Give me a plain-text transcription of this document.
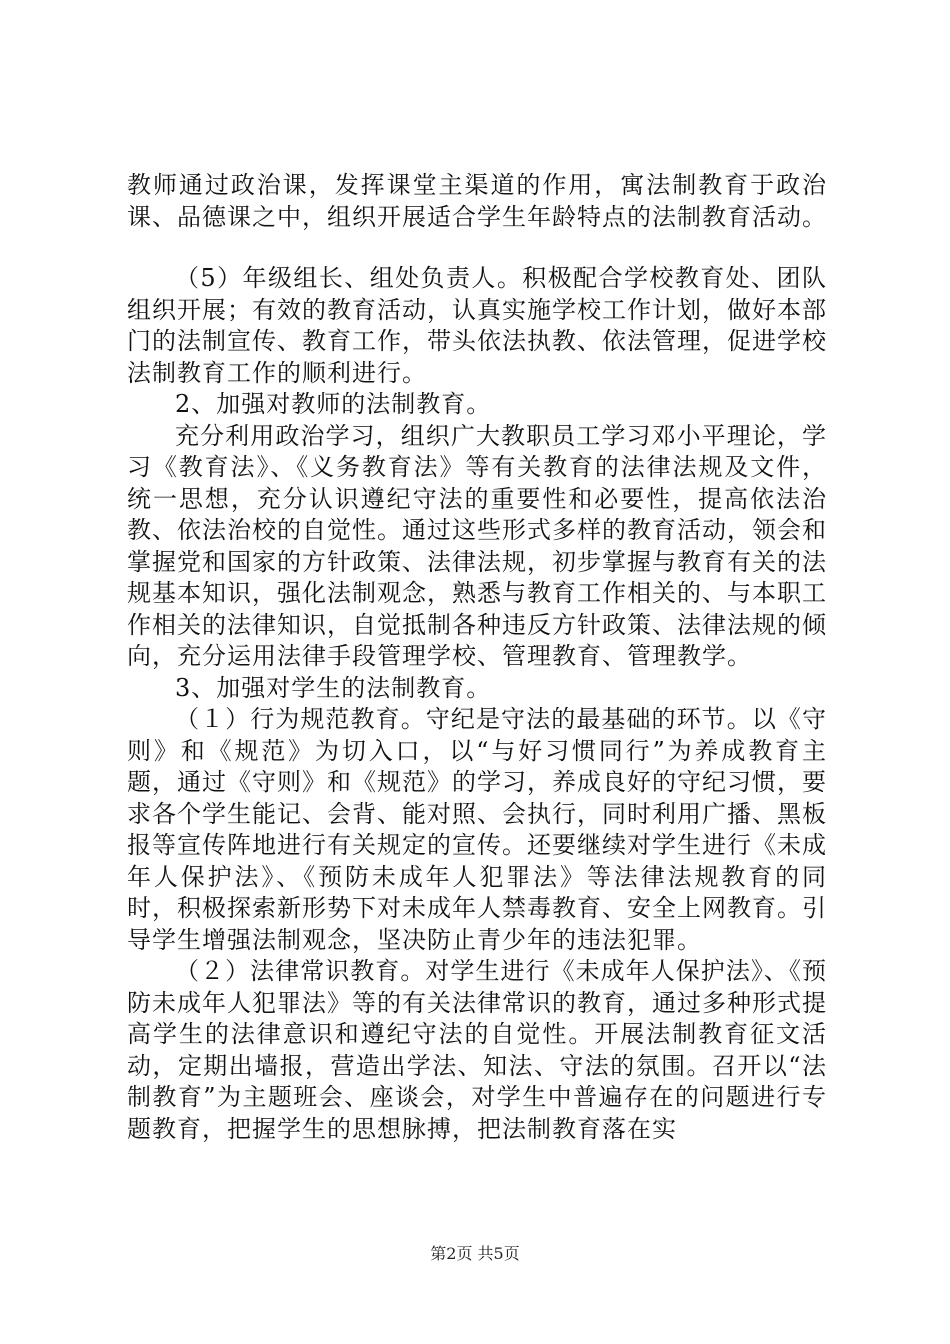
教师通过政治课，发挥课堂主渠道的作用，寓法制教育于政治课、品德课之中，组织开展适合学生年龄特点的法制教育活动。

（5）年级组长、组处负责人。积极配合学校教育处、团队组织开展；有效的教育活动，认真实施学校工作计划，做好本部门的法制宣传、教育工作，带头依法执教、依法管理，促进学校法制教育工作的顺利进行。

2、加强对教师的法制教育。

充分利用政治学习，组织广大教职员工学习邓小平理论，学习《教育法》、《义务教育法》等有关教育的法律法规及文件，统一思想，充分认识遵纪守法的重要性和必要性，提高依法治教、依法治校的自觉性。通过这些形式多样的教育活动，领会和掌握党和国家的方针政策、法律法规，初步掌握与教育有关的法规基本知识，强化法制观念，熟悉与教育工作相关的、与本职工作相关的法律知识，自觉抵制各种违反方针政策、法律法规的倾向，充分运用法律手段管理学校、管理教育、管理教学。

3、加强对学生的法制教育。

（１）行为规范教育。守纪是守法的最基础的环节。以《守则》和《规范》为切入口，以“与好习惯同行”为养成教育主题，通过《守则》和《规范》的学习，养成良好的守纪习惯，要求各个学生能记、会背、能对照、会执行，同时利用广播、黑板报等宣传阵地进行有关规定的宣传。还要继续对学生进行《未成年人保护法》、《预防未成年人犯罪法》等法律法规教育的同时，积极探索新形势下对未成年人禁毒教育、安全上网教育。引导学生增强法制观念，坚决防止青少年的违法犯罪。

（２）法律常识教育。对学生进行《未成年人保护法》、《预防未成年人犯罪法》等的有关法律常识的教育，通过多种形式提高学生的法律意识和遵纪守法的自觉性。开展法制教育征文活动，定期出墙报，营造出学法、知法、守法的氛围。召开以“法制教育”为主题班会、座谈会，对学生中普遍存在的问题进行专题教育，把握学生的思想脉搏，把法制教育落在实

第2页 共5页
